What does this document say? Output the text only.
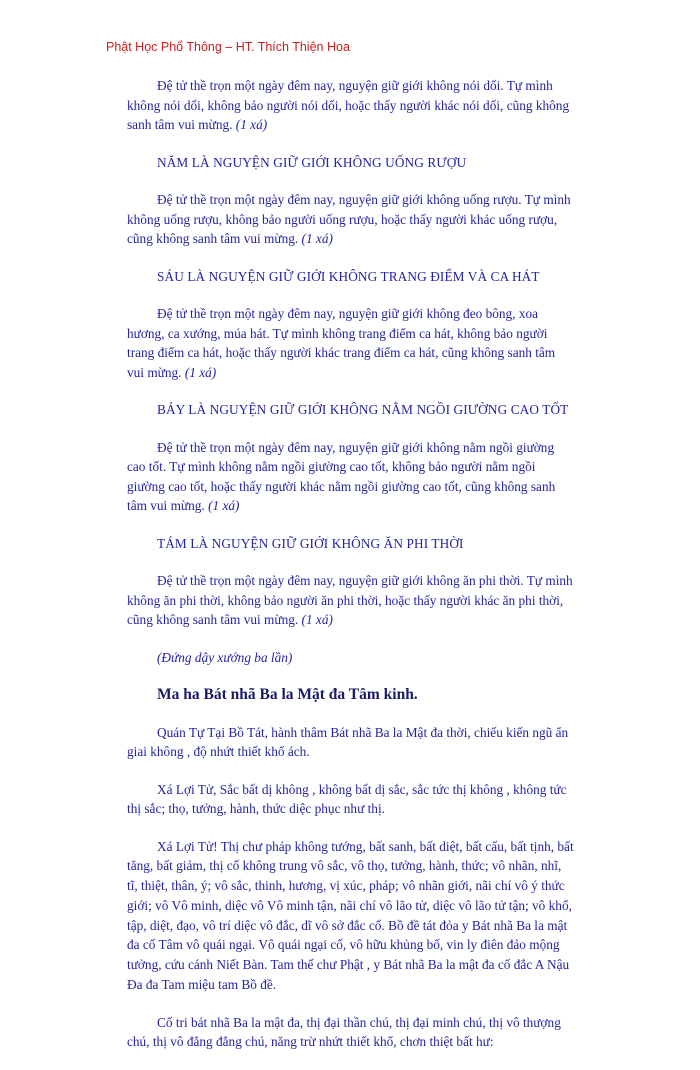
Phật Học Phổ Thông – HT. Thích Thiện Hoa

Đệ tử thề trọn một ngày đêm nay, nguyện giữ giới không nói dối. Tự mình không nói dối, không bảo người nói dối, hoặc thấy người khác nói dối, cũng không sanh tâm vui mừng. (1 xá)

NĂM LÀ NGUYỆN GIỮ GIỚI KHÔNG UỐNG RƯỢU

Đệ tử thề trọn một ngày đêm nay, nguyện giữ giới không uống rượu. Tự mình không uống rượu, không bảo người uống rượu, hoặc thấy người khác uống rượu, cũng không sanh tâm vui mừng. (1 xá)

SÁU LÀ NGUYỆN GIỮ GIỚI KHÔNG TRANG ĐIỂM VÀ CA HÁT

Đệ tử thề trọn một ngày đêm nay, nguyện giữ giới không đeo bông, xoa hương, ca xướng, múa hát. Tự mình không trang điểm ca hát, không bảo người trang điểm ca hát, hoặc thấy người khác trang điểm ca hát, cũng không sanh tâm vui mừng. (1 xá)

BẢY LÀ NGUYỆN GIỮ GIỚI KHÔNG NẰM NGỒI GIƯỜNG CAO TỐT

Đệ tử thề trọn một ngày đêm nay, nguyện giữ giới không nằm ngồi giường cao tốt. Tự mình không nằm ngồi giường cao tốt, không bảo người nằm ngồi giường cao tốt, hoặc thấy người khác nằm ngồi giường cao tốt, cũng không sanh tâm vui mừng. (1 xá)

TÁM LÀ NGUYỆN GIỮ GIỚI KHÔNG ĂN PHI THỜI

Đệ tử thề trọn một ngày đêm nay, nguyện giữ giới không ăn phi thời. Tự mình không ăn phi thời, không bảo người ăn phi thời, hoặc thấy người khác ăn phi thời, cũng không sanh tâm vui mừng. (1 xá)

(Đứng dậy xướng ba lần)
Ma ha Bát nhã Ba la Mật đa Tâm kinh.

Quán Tự Tại Bồ Tát, hành thâm Bát nhã Ba la Mật đa thời, chiếu kiến ngũ ẩn giai không , độ nhứt thiết khổ ách.

Xá Lợi Tử, Sắc bất dị không , không bất dị sắc, sắc tức thị không , không tức thị sắc; thọ, tưởng, hành, thức diệc phục như thị.

Xá Lợi Tử! Thị chư pháp không tướng, bất sanh, bất diệt, bất cấu, bất tịnh, bất tăng, bất giảm, thị cố không trung vô sắc, vô thọ, tưởng, hành, thức; vô nhãn, nhĩ, tĩ, thiệt, thân, ý; vô sắc, thinh, hương, vị xúc, pháp; vô nhãn giới, nãi chí vô ý thức giới; vô Vô minh, diệc vô Vô minh tận, nãi chí vô lão tử, diệc vô lão tử tận; vô khổ, tập, diệt, đạo, vô trí diệc vô đắc, dĩ vô sở đắc cố. Bồ đề tát đỏa y Bát nhã Ba la mật đa cố Tâm vô quái ngại. Vô quái ngại cố, vô hữu khủng bố, vin ly điên đảo mộng tưởng, cứu cánh Niết Bàn. Tam thế chư Phật , y Bát nhã Ba la mật đa cố đắc A Nậu Đa đa Tam miệu tam Bồ đề.

Cố tri bát nhã Ba la mật đa, thị đại thần chú, thị đại minh chú, thị vô thượng chú, thị vô đẳng đẳng chú, năng trừ nhứt thiết khổ, chơn thiệt bất hư:
